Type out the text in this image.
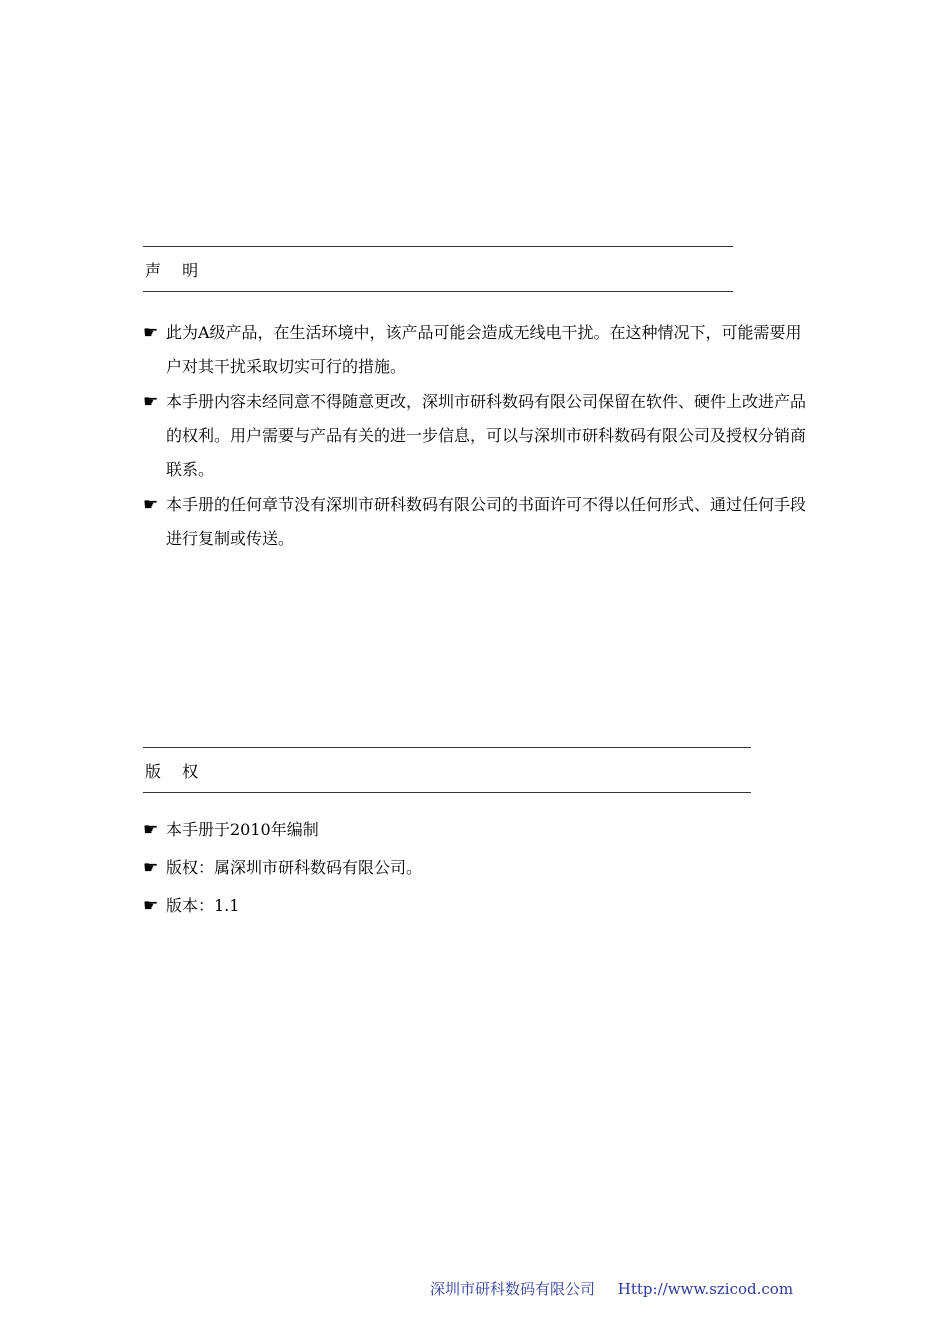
声 明
☛ 此为A级产品，在生活环境中，该产品可能会造成无线电干扰。在这种情况下，可能需要用户对其干扰采取切实可行的措施。
☛ 本手册内容未经同意不得随意更改，深圳市研科数码有限公司保留在软件、硬件上改进产品的权利。用户需要与产品有关的进一步信息，可以与深圳市研科数码有限公司及授权分销商联系。
☛ 本手册的任何章节没有深圳市研科数码有限公司的书面许可不得以任何形式、通过任何手段进行复制或传送。
版 权
☛ 本手册于2010年编制
☛ 版权：属深圳市研科数码有限公司。
☛ 版本：1.1
深圳市研科数码有限公司 Http://www.szicod.com
